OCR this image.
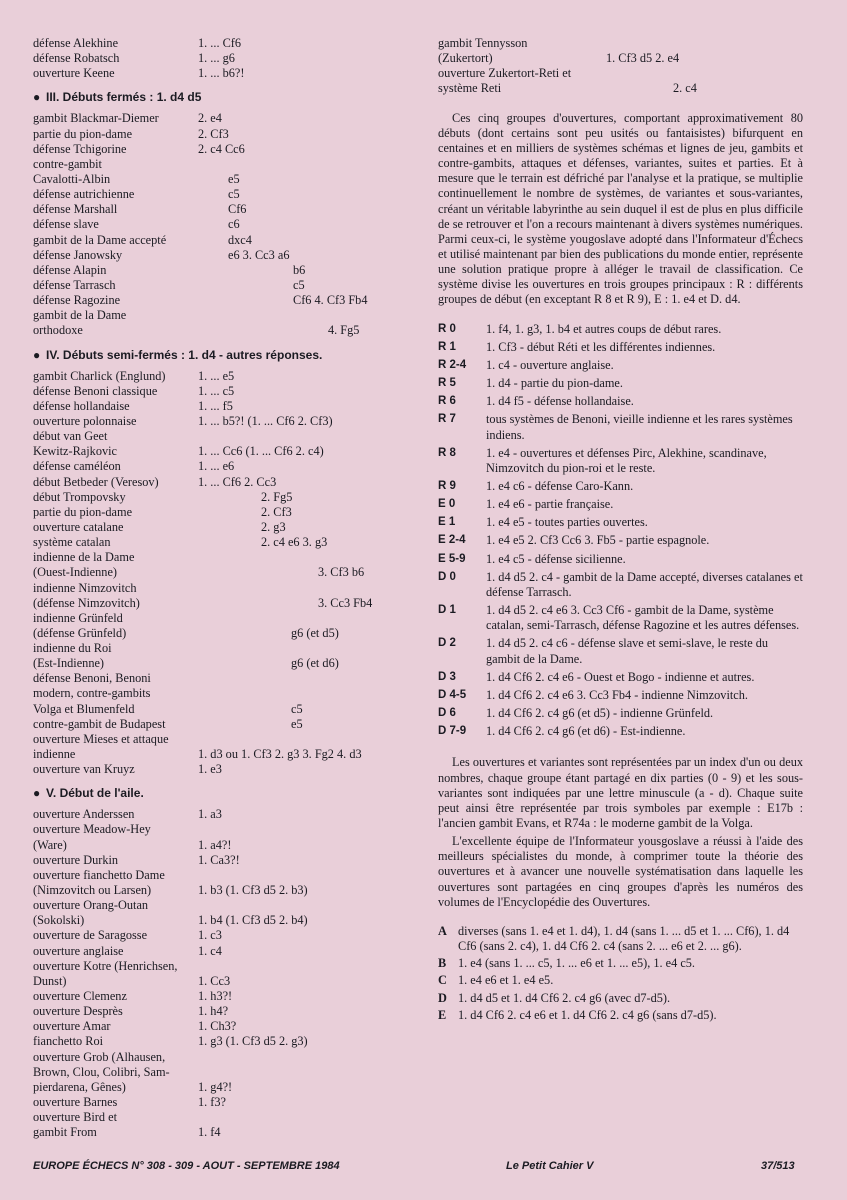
défense Alekhine	1. ... Cf6
défense Robatsch	1. ... g6
ouverture Keene	1. ... b6?!
● III. Débuts fermés : 1. d4 d5
gambit Blackmar-Diemer	2. e4
partie du pion-dame	2. Cf3
défense Tchigorine	2. c4 Cc6
contre-gambit
Cavalotti-Albin	e5
défense autrichienne	c5
défense Marshall	Cf6
défense slave	c6
gambit de la Dame accepté	dxc4
défense Janowsky	e6 3. Cc3 a6
défense Alapin	b6
défense Tarrasch	c5
défense Ragozine	Cf6 4. Cf3 Fb4
gambit de la Dame
orthodoxe	4. Fg5
● IV. Débuts semi-fermés : 1. d4 - autres réponses.
gambit Charlick (Englund)	1. ... e5
défense Benoni classique	1. ... c5
défense hollandaise	1. ... f5
ouverture polonnaise	1. ... b5?! (1. ... Cf6 2. Cf3)
début van Geet
Kewitz-Rajkovic	1. ... Cc6 (1. ... Cf6 2. c4)
défense caméléon	1. ... e6
début Betbeder (Veresov)	1. ... Cf6 2. Cc3
début Trompovsky	2. Fg5
partie du pion-dame	2. Cf3
ouverture catalane	2. g3
système catalan	2. c4 e6 3. g3
indienne de la Dame
(Ouest-Indienne)	3. Cf3 b6
indienne Nimzovitch
(défense Nimzovitch)	3. Cc3 Fb4
indienne Grünfeld
(défense Grünfeld)	g6 (et d5)
indienne du Roi
(Est-Indienne)	g6 (et d6)
défense Benoni, Benoni
modern, contre-gambits
Volga et Blumenfeld	c5
contre-gambit de Budapest	e5
ouverture Mieses et attaque
indienne	1. d3 ou 1. Cf3 2. g3 3. Fg2 4. d3
ouverture van Kruyz	1. e3
● V. Début de l'aile.
ouverture Anderssen	1. a3
ouverture Meadow-Hey
(Ware)	1. a4?!
ouverture Durkin	1. Ca3?!
ouverture fianchetto Dame
(Nimzovitch ou Larsen)	1. b3 (1. Cf3 d5 2. b3)
ouverture Orang-Outan
(Sokolski)	1. b4 (1. Cf3 d5 2. b4)
ouverture de Saragosse	1. c3
ouverture anglaise	1. c4
ouverture Kotre (Henrichsen,
Dunst)	1. Cc3
ouverture Clemenz	1. h3?!
ouverture Desprès	1. h4?
ouverture Amar	1. Ch3?
fianchetto Roi	1. g3 (1. Cf3 d5 2. g3)
ouverture Grob (Alhausen,
Brown, Clou, Colibri, Sam-
pierdarena, Gênes)	1. g4?!
ouverture Barnes	1. f3?
ouverture Bird et
gambit From	1. f4
gambit Tennysson
(Zukertort)	1. Cf3 d5 2. e4
ouverture Zukertort-Reti et
système Reti	2. c4

Ces cinq groupes d'ouvertures, comportant approximativement 80 débuts (dont certains sont peu usités ou fantaisistes) bifurquent en centaines et en milliers de systèmes schémas et lignes de jeu, gambits et contre-gambits, attaques et défenses, variantes, suites et parties. Et à mesure que le terrain est défriché par l'analyse et la pratique, se multiplie continuellement le nombre de systèmes, de variantes et sous-variantes, créant un véritable labyrinthe au sein duquel il est de plus en plus difficile de se retrouver et l'on a recours maintenant à divers systèmes numériques. Parmi ceux-ci, le système yougoslave adopté dans l'Informateur d'Échecs et utilisé maintenant par bien des publications du monde entier, représente une solution pratique propre à alléger le travail de classification. Ce système divise les ouvertures en trois groupes principaux : R : différents groupes de début (en exceptant R 8 et R 9), E : 1. e4 et D. d4.

R 0 1. f4, 1. g3, 1. b4 et autres coups de début rares.
R 1 1. Cf3 - début Réti et les différentes indiennes.
R 2-4 1. c4 - ouverture anglaise.
R 5 1. d4 - partie du pion-dame.
R 6 1. d4 f5 - défense hollandaise.
R 7 tous systèmes de Benoni, vieille indienne et les rares systèmes indiens.
R 8 1. e4 - ouvertures et défenses Pirc, Alekhine, scandinave, Nimzovitch du pion-roi et le reste.
R 9 1. e4 c6 - défense Caro-Kann.
E 0 1. e4 e6 - partie française.
E 1 1. e4 e5 - toutes parties ouvertes.
E 2-4 1. e4 e5 2. Cf3 Cc6 3. Fb5 - partie espagnole.
E 5-9 1. e4 c5 - défense sicilienne.
D 0 1. d4 d5 2. c4 - gambit de la Dame accepté, diverses catalanes et défense Tarrasch.
D 1 1. d4 d5 2. c4 e6 3. Cc3 Cf6 - gambit de la Dame, système catalan, semi-Tarrasch, défense Ragozine et les autres défenses.
D 2 1. d4 d5 2. c4 c6 - défense slave et semi-slave, le reste du gambit de la Dame.
D 3 1. d4 Cf6 2. c4 e6 - Ouest et Bogo - indienne et autres.
D 4-5 1. d4 Cf6 2. c4 e6 3. Cc3 Fb4 - indienne Nimzovitch.
D 6 1. d4 Cf6 2. c4 g6 (et d5) - indienne Grünfeld.
D 7-9 1. d4 Cf6 2. c4 g6 (et d6) - Est-indienne.

Les ouvertures et variantes sont représentées par un index d'un ou deux nombres, chaque groupe étant partagé en dix parties (0 - 9) et les sous-variantes sont indiquées par une lettre minuscule (a - d). Chaque suite peut ainsi être représentée par trois symboles par exemple : E17b : l'ancien gambit Evans, et R74a : le moderne gambit de la Volga.

L'excellente équipe de l'Informateur yousgoslave a réussi à l'aide des meilleurs spécialistes du monde, à comprimer toute la théorie des ouvertures et à avancer une nouvelle systématisation dans laquelle les ouvertures sont partagées en cinq groupes d'après les numéros des volumes de l'Encyclopédie des Ouvertures.

A diverses (sans 1. e4 et 1. d4), 1. d4 (sans 1. ... d5 et 1. ... Cf6), 1. d4 Cf6 (sans 2. c4), 1. d4 Cf6 2. c4 (sans 2. ... e6 et 2. ... g6).
B 1. e4 (sans 1. ... c5, 1. ... e6 et 1. ... e5), 1. e4 c5.
C 1. e4 e6 et 1. e4 e5.
D 1. d4 d5 et 1. d4 Cf6 2. c4 g6 (avec d7-d5).
E 1. d4 Cf6 2. c4 e6 et 1. d4 Cf6 2. c4 g6 (sans d7-d5).
EUROPE ÉCHECS N° 308 - 309 - AOUT - SEPTEMBRE 1984	Le Petit Cahier V	37/513
